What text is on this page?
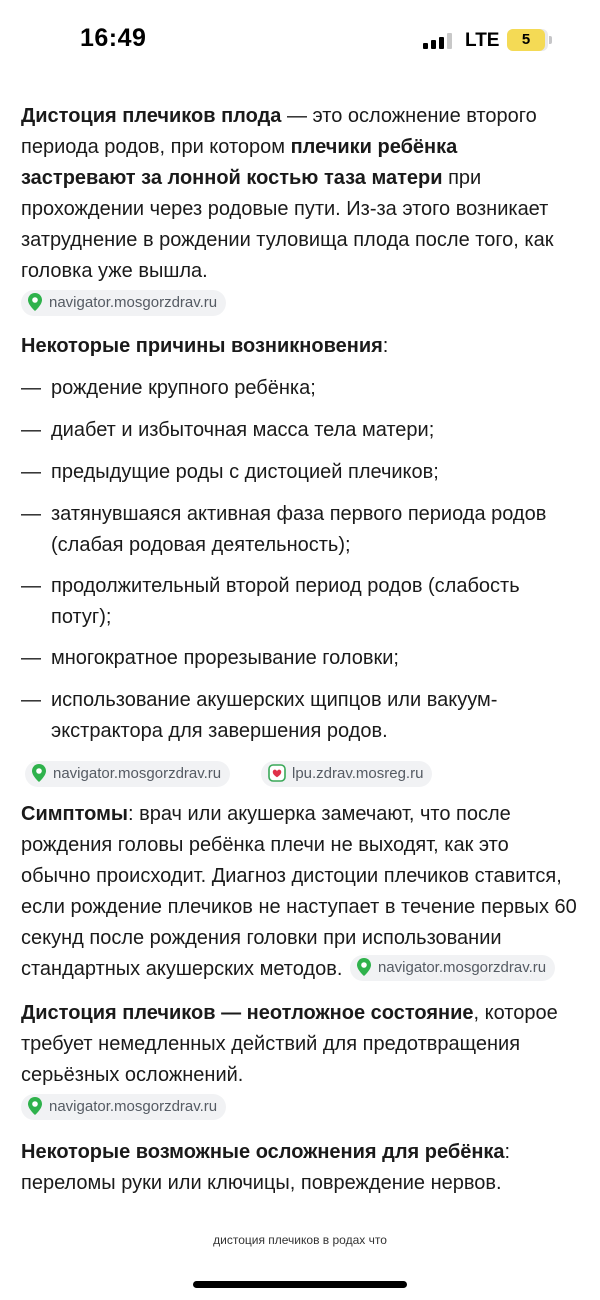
16:49	LTE	5

Дистоция плечиков плода — это осложнение второго периода родов, при котором плечики ребёнка застревают за лонной костью таза матери при прохождении через родовые пути. Из-за этого возникает затруднение в рождении туловища плода после того, как головка уже вышла.

navigator.mosgorzdrav.ru

Некоторые причины возникновения:

— рождение крупного ребёнка;
— диабет и избыточная масса тела матери;
— предыдущие роды с дистоцией плечиков;
— затянувшаяся активная фаза первого периода родов (слабая родовая деятельность);
— продолжительный второй период родов (слабость потуг);
— многократное прорезывание головки;
— использование акушерских щипцов или вакуум-экстрактора для завершения родов.
navigator.mosgorzdrav.ru	lpu.zdrav.mosreg.ru

Симптомы: врач или акушерка замечают, что после рождения головы ребёнка плечи не выходят, как это обычно происходит. Диагноз дистоции плечиков ставится, если рождение плечиков не наступает в течение первых 60 секунд после рождения головки при использовании стандартных акушерских методов. navigator.mosgorzdrav.ru

Дистоция плечиков — неотложное состояние, которое требует немедленных действий для предотвращения серьёзных осложнений.

navigator.mosgorzdrav.ru

Некоторые возможные осложнения для ребёнка: переломы руки или ключицы, повреждение нервов.

дистоция плечиков в родах что
